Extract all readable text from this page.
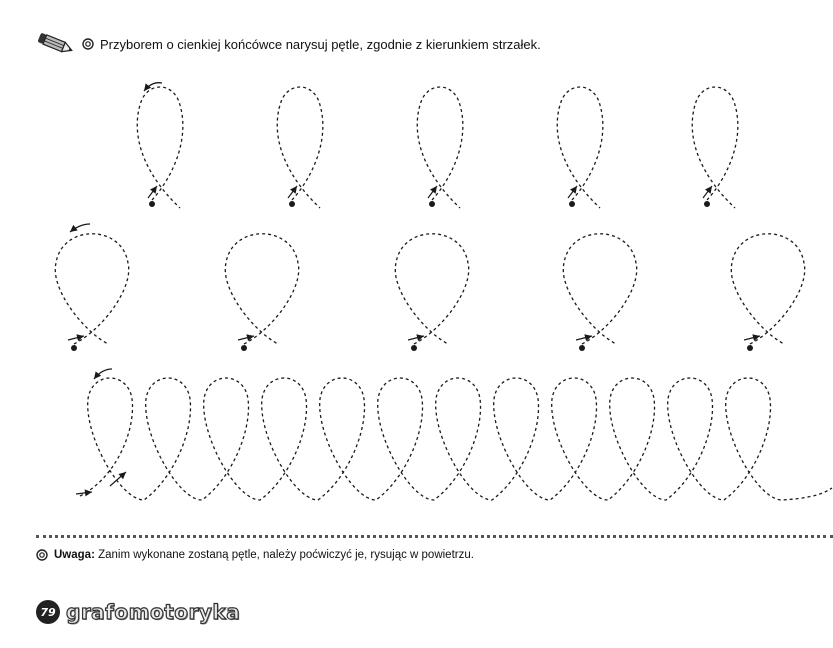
Przyborem o cienkiej końcówce narysuj pętle, zgodnie z kierunkiem strzałek.
Uwaga: Zanim wykonane zostaną pętle, należy poćwiczyć je, rysując w powietrzu.
79 grafomotoryka
